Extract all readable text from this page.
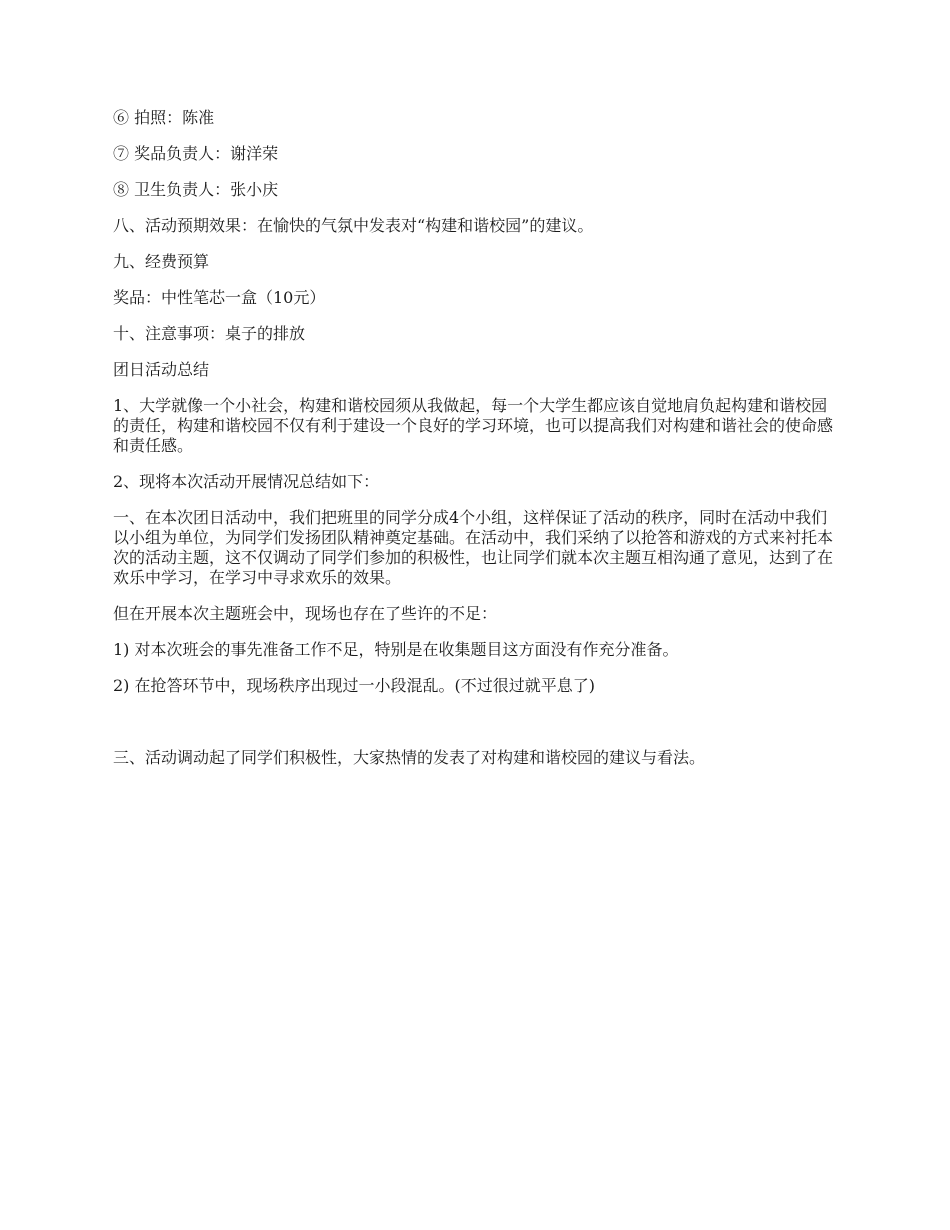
⑥ 拍照：陈准

⑦ 奖品负责人：谢洋荣

⑧ 卫生负责人：张小庆

八、活动预期效果：在愉快的气氛中发表对“构建和谐校园”的建议。

九、经费预算

奖品：中性笔芯一盒（10元）

十、注意事项：桌子的排放

团日活动总结

1、大学就像一个小社会，构建和谐校园须从我做起，每一个大学生都应该自觉地肩负起构建和谐校园的责任，构建和谐校园不仅有利于建设一个良好的学习环境，也可以提高我们对构建和谐社会的使命感和责任感。

2、现将本次活动开展情况总结如下：

一、在本次团日活动中，我们把班里的同学分成4个小组，这样保证了活动的秩序，同时在活动中我们以小组为单位，为同学们发扬团队精神奠定基础。在活动中，我们采纳了以抢答和游戏的方式来衬托本次的活动主题，这不仅调动了同学们参加的积极性，也让同学们就本次主题互相沟通了意见，达到了在欢乐中学习，在学习中寻求欢乐的效果。

但在开展本次主题班会中，现场也存在了些许的不足：

1) 对本次班会的事先准备工作不足，特别是在收集题目这方面没有作充分准备。

2) 在抢答环节中，现场秩序出现过一小段混乱。(不过很过就平息了)

三、活动调动起了同学们积极性，大家热情的发表了对构建和谐校园的建议与看法。
